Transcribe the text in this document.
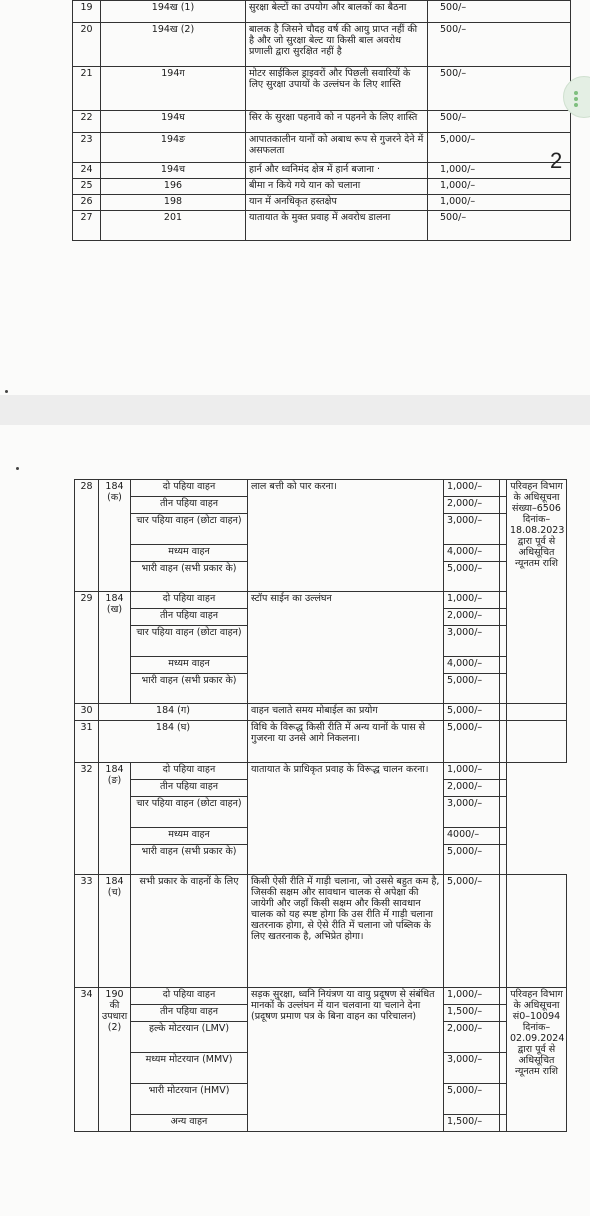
19	194ख (1)	सुरक्षा बेल्टों का उपयोग और बालकों का बैठना	500/–
20	194ख (2)	बालक है जिसने चौदह वर्ष की आयु प्राप्त नहीं की है और जो सुरक्षा बेल्ट या किसी बाल अवरोध प्रणाली द्वारा सुरक्षित नहीं है	500/–
21	194ग	मोटर साईकिल ड्राइवरों और पिछली सवारियों के लिए सुरक्षा उपायों के उल्लंघन के लिए शास्ति	500/–
22	194घ	सिर के सुरक्षा पहनावे को न पहनने के लिए शास्ति	500/–
23	194ङ	आपातकालीन यानों को अबाध रूप से गुजरने देने में असफलता	5,000/–
24	194च	हार्न और ध्वनिमंद क्षेत्र में हार्न बजाना ·	1,000/–
25	196	बीमा न किये गये यान को चलाना	1,000/–
26	198	यान में अनधिकृत हस्तक्षेप	1,000/–
27	201	यातायात के मुक्त प्रवाह में अवरोध डालना	500/–
2
28	184 (क)	दो पहिया वाहन	लाल बत्ती को पार करना।	1,000/–		परिवहन विभाग के अधिसूचना संख्या–6506 दिनांक– 18.08.2023 द्वारा पूर्व से अधिसूचित न्यूनतम राशि
		तीन पहिया वाहन		2,000/–		
		चार पहिया वाहन (छोटा वाहन)		3,000/–		
		मध्यम वाहन		4,000/–		
		भारी वाहन (सभी प्रकार के)		5,000/–		
29	184 (ख)	दो पहिया वाहन	स्टॉप साईन का उल्लंघन	1,000/–		
		तीन पहिया वाहन		2,000/–		
		चार पहिया वाहन (छोटा वाहन)		3,000/–		
		मध्यम वाहन		4,000/–		
		भारी वाहन (सभी प्रकार के)		5,000/–		
30	184 (ग)		वाहन चलाते समय मोबाईल का प्रयोग	5,000/–		
31	184 (घ)		विधि के विरूद्ध किसी रीति में अन्य यानों के पास से गुजरना या उनसे आगे निकलना।	5,000/–		
32	184 (ङ)	दो पहिया वाहन	यातायात के प्राधिकृत प्रवाह के विरूद्ध चालन करना।	1,000/–		
		तीन पहिया वाहन		2,000/–		
		चार पहिया वाहन (छोटा वाहन)		3,000/–		
		मध्यम वाहन		4000/–		
		भारी वाहन (सभी प्रकार के)		5,000/–		
33	184 (च)	सभी प्रकार के वाहनों के लिए	किसी ऐसी रीति में गाड़ी चलाना, जो उससे बहुत कम है, जिसकी सक्षम और सावधान चालक से अपेक्षा की जायेगी और जहाँ किसी सक्षम और किसी सावधान चालक को यह स्पष्ट होगा कि उस रीति में गाड़ी चलाना खतरनाक होगा, से ऐसे रीति में चलाना जो पब्लिक के लिए खतरनाक है, अभिप्रेत होगा।	5,000/–		
34	190 की उपधारा (2)	दो पहिया वाहन	सड़क सुरक्षा, ध्वनि नियंत्रण या वायु प्रदूषण से संबंधित मानकों के उल्लंघन में यान चलवाना या चलाने देना (प्रदूषण प्रमाण पत्र के बिना वाहन का परिचालन)	1,000/–		परिवहन विभाग के अधिसूचना सं0–10094 दिनांक– 02.09.2024 द्वारा पूर्व से अधिसूचित न्यूनतम राशि
		तीन पहिया वाहन		1,500/–		
		हल्के मोटरयान (LMV)		2,000/–		
		मध्यम मोटरयान (MMV)		3,000/–		
		भारी मोटरयान (HMV)		5,000/–		
		अन्य वाहन		1,500/–		
